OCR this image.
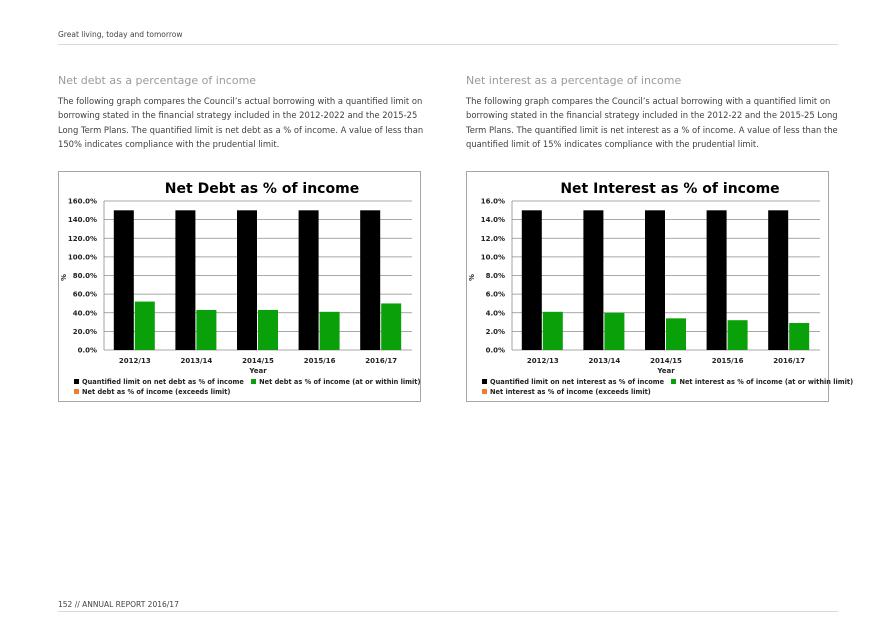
Great living, today and tomorrow
Net debt as a percentage of income

The following graph compares the Council’s actual borrowing with a quantified limit on borrowing stated in the financial strategy included in the 2012-2022 and the 2015-25 Long Term Plans. The quantified limit is net debt as a % of income. A value of less than 150% indicates compliance with the prudential limit.

Net interest as a percentage of income

The following graph compares the Council’s actual borrowing with a quantified limit on borrowing stated in the financial strategy included in the 2012-22 and the 2015-25 Long Term Plans. The quantified limit is net interest as a % of income. A value of less than the quantified limit of 15% indicates compliance with the prudential limit.

Net Debt as % of income
0.0%
20.0%
40.0%
60.0%
80.0%
100.0%
120.0%
140.0%
160.0%
%
2012/13	2013/14	2014/15	2015/16	2016/17
Year
Quantified limit on net debt as % of income Net debt as % of income (at or within limit)
Net debt as % of income (exceeds limit)
Net Interest as % of income
0.0%
2.0%
4.0%
6.0%
8.0%
10.0%
12.0%
14.0%
16.0%
%
2012/13	2013/14	2014/15	2015/16	2016/17
Year
Quantified limit on net interest as % of income Net interest as % of income (at or within limit)
Net interest as % of income (exceeds limit)
152 // ANNUAL REPORT 2016/17
